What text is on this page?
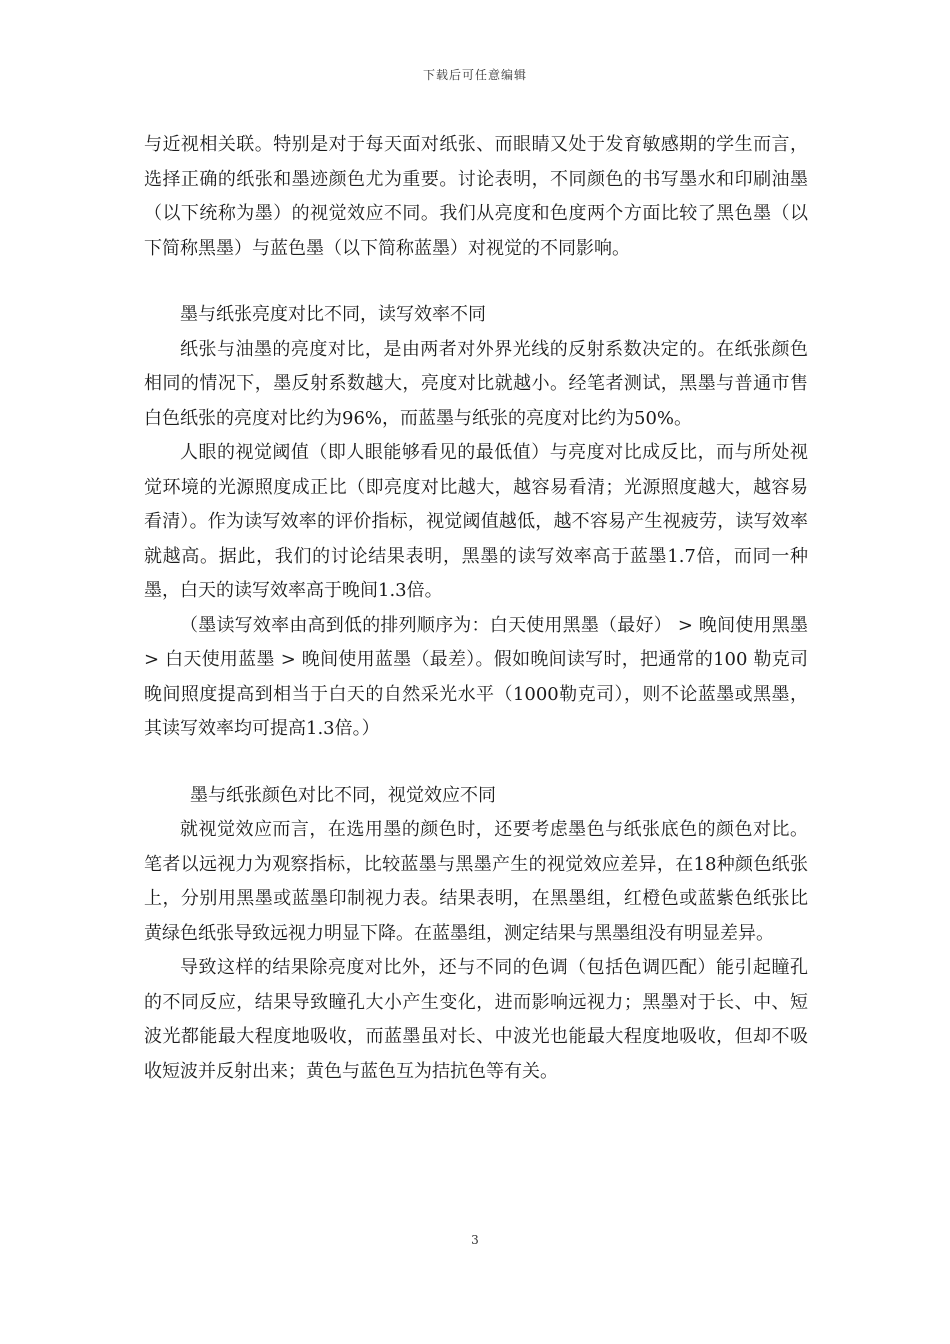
下载后可任意编辑

与近视相关联。特别是对于每天面对纸张、而眼睛又处于发育敏感期的学生而言，选择正确的纸张和墨迹颜色尤为重要。讨论表明，不同颜色的书写墨水和印刷油墨（以下统称为墨）的视觉效应不同。我们从亮度和色度两个方面比较了黑色墨（以下简称黑墨）与蓝色墨（以下简称蓝墨）对视觉的不同影响。

墨与纸张亮度对比不同，读写效率不同

纸张与油墨的亮度对比，是由两者对外界光线的反射系数决定的。在纸张颜色相同的情况下，墨反射系数越大，亮度对比就越小。经笔者测试，黑墨与普通市售白色纸张的亮度对比约为96%，而蓝墨与纸张的亮度对比约为50%。

人眼的视觉阈值（即人眼能够看见的最低值）与亮度对比成反比，而与所处视觉环境的光源照度成正比（即亮度对比越大，越容易看清；光源照度越大，越容易看清）。作为读写效率的评价指标，视觉阈值越低，越不容易产生视疲劳，读写效率就越高。据此，我们的讨论结果表明，黑墨的读写效率高于蓝墨1.7倍，而同一种墨，白天的读写效率高于晚间1.3倍。

（墨读写效率由高到低的排列顺序为：白天使用黑墨（最好） > 晚间使用黑墨 > 白天使用蓝墨 > 晚间使用蓝墨（最差）。假如晚间读写时，把通常的100 勒克司晚间照度提高到相当于白天的自然采光水平（1000勒克司），则不论蓝墨或黑墨，其读写效率均可提高1.3倍。）

墨与纸张颜色对比不同，视觉效应不同

就视觉效应而言，在选用墨的颜色时，还要考虑墨色与纸张底色的颜色对比。笔者以远视力为观察指标，比较蓝墨与黑墨产生的视觉效应差异，在18种颜色纸张上，分别用黑墨或蓝墨印制视力表。结果表明，在黑墨组，红橙色或蓝紫色纸张比黄绿色纸张导致远视力明显下降。在蓝墨组，测定结果与黑墨组没有明显差异。

导致这样的结果除亮度对比外，还与不同的色调（包括色调匹配）能引起瞳孔的不同反应，结果导致瞳孔大小产生变化，进而影响远视力；黑墨对于长、中、短波光都能最大程度地吸收，而蓝墨虽对长、中波光也能最大程度地吸收，但却不吸收短波并反射出来；黄色与蓝色互为拮抗色等有关。

3
